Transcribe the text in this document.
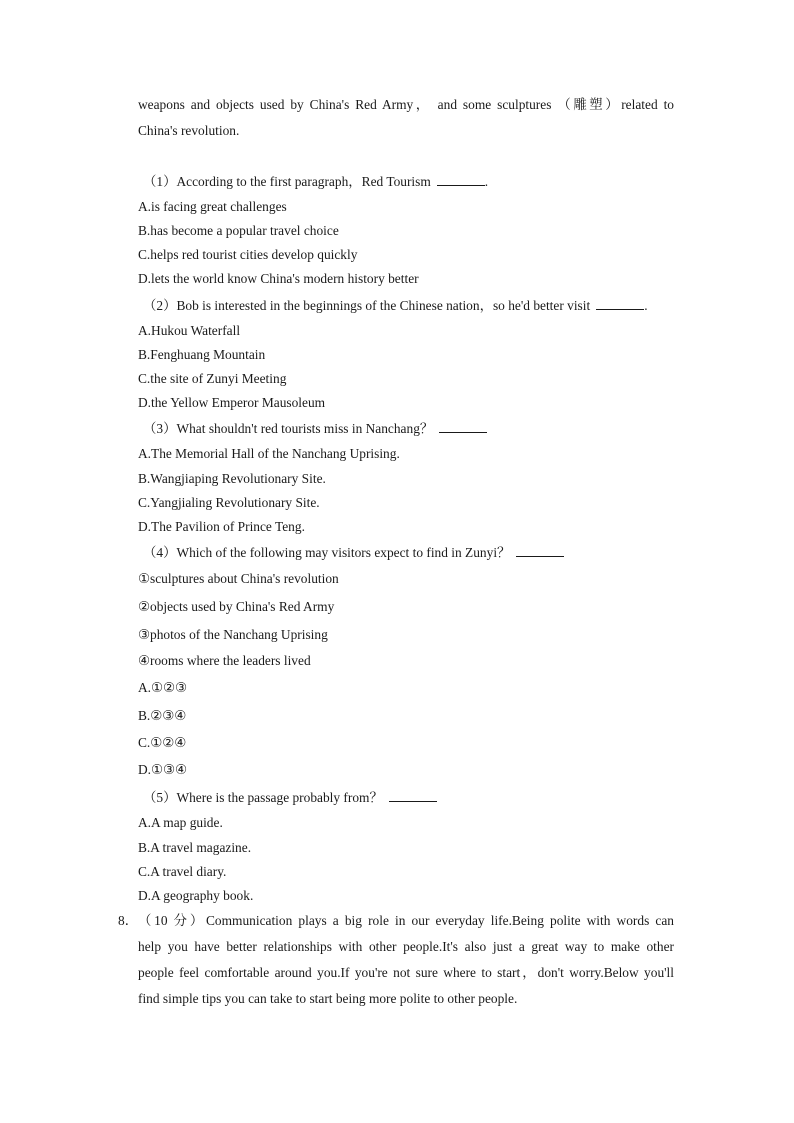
weapons and objects used by China's Red Army， and some sculptures （雕塑）related to
China's revolution.
（1）According to the first paragraph，Red Tourism	.
A.is facing great challenges
B.has become a popular travel choice
C.helps red tourist cities develop quickly
D.lets the world know China's modern history better
（2）Bob is interested in the beginnings of the Chinese nation，so he'd better visit	.
A.Hukou Waterfall
B.Fenghuang Mountain
C.the site of Zunyi Meeting
D.the Yellow Emperor Mausoleum
（3）What shouldn't red tourists miss in Nanchang？
A.The Memorial Hall of the Nanchang Uprising.
B.Wangjiaping Revolutionary Site.
C.Yangjialing Revolutionary Site.
D.The Pavilion of Prince Teng.
（4）Which of the following may visitors expect to find in Zunyi？
①sculptures about China's revolution
②objects used by China's Red Army
③photos of the Nanchang Uprising
④rooms where the leaders lived
A.①②③
B.②③④
C.①②④
D.①③④
（5）Where is the passage probably from？
A.A map guide.
B.A travel magazine.
C.A travel diary.
D.A geography book.
8． （10 分）Communication plays a big role in our everyday life.Being polite with words can
help you have better relationships with other people.It's also just a great way to make other
people feel comfortable around you.If you're not sure where to start，don't worry.Below you'll
find simple tips you can take to start being more polite to other people.
